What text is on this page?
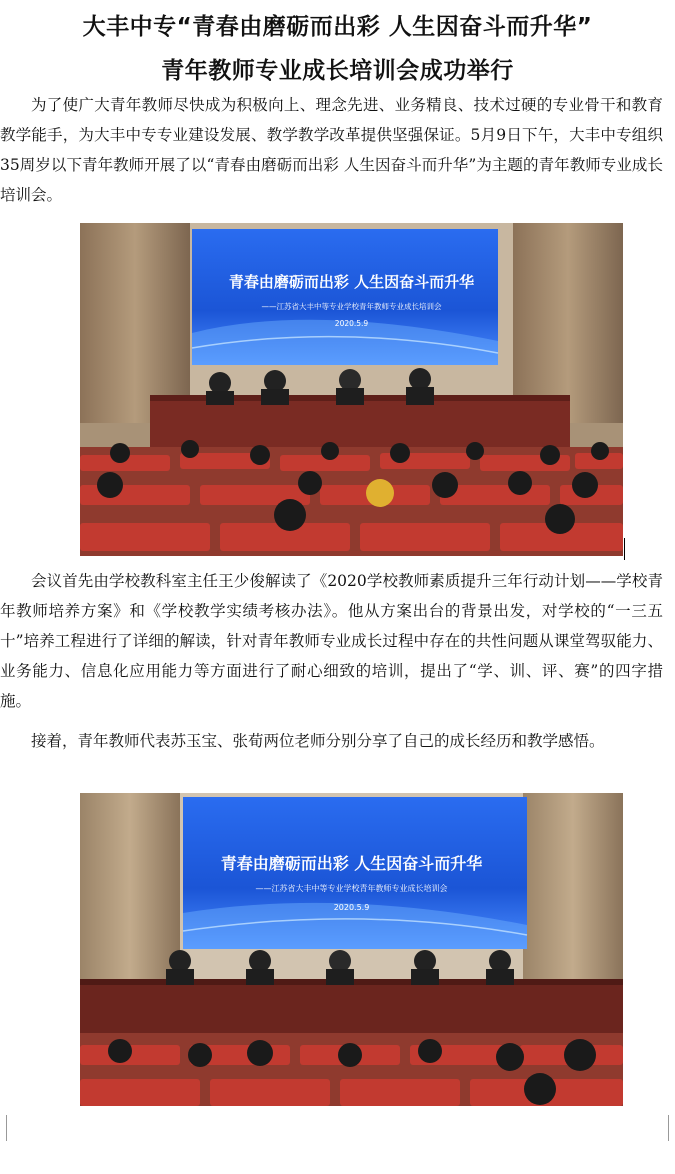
大丰中专“青春由磨砺而出彩 人生因奋斗而升华”
青年教师专业成长培训会成功举行

为了使广大青年教师尽快成为积极向上、理念先进、业务精良、技术过硬的专业骨干和教育教学能手，为大丰中专专业建设发展、教学教学改革提供坚强保证。5月9日下午，大丰中专组织35周岁以下青年教师开展了以“青春由磨砺而出彩 人生因奋斗而升华”为主题的青年教师专业成长培训会。

青春由磨砺而出彩 人生因奋斗而升华
——江苏省大丰中等专业学校青年教师专业成长培训会
2020.5.9

会议首先由学校教科室主任王少俊解读了《2020学校教师素质提升三年行动计划——学校青年教师培养方案》和《学校教学实绩考核办法》。他从方案出台的背景出发，对学校的“一三五十”培养工程进行了详细的解读，针对青年教师专业成长过程中存在的共性问题从课堂驾驭能力、业务能力、信息化应用能力等方面进行了耐心细致的培训，提出了“学、训、评、赛”的四字措施。

接着，青年教师代表苏玉宝、张荀两位老师分别分享了自己的成长经历和教学感悟。

青春由磨砺而出彩 人生因奋斗而升华
——江苏省大丰中等专业学校青年教师专业成长培训会
2020.5.9
